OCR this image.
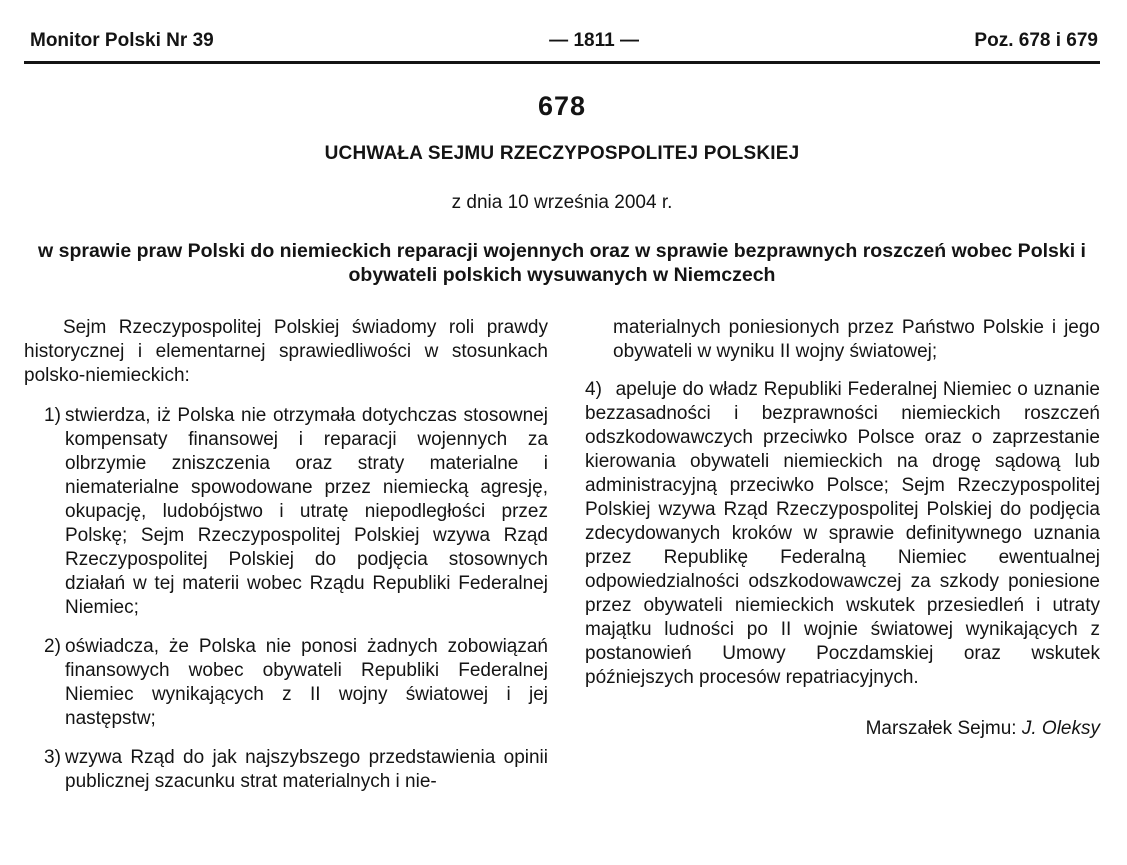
Monitor Polski Nr 39	— 1811 —	Poz. 678 i 679
678
UCHWAŁA SEJMU RZECZYPOSPOLITEJ POLSKIEJ
z dnia 10 września 2004 r.
w sprawie praw Polski do niemieckich reparacji wojennych oraz w sprawie bezprawnych roszczeń wobec Polski i obywateli polskich wysuwanych w Niemczech

Sejm Rzeczypospolitej Polskiej świadomy roli prawdy historycznej i elementarnej sprawiedliwości w stosunkach polsko-niemieckich:

1) stwierdza, iż Polska nie otrzymała dotychczas stosownej kompensaty finansowej i reparacji wojennych za olbrzymie zniszczenia oraz straty materialne i niematerialne spowodowane przez niemiecką agresję, okupację, ludobójstwo i utratę niepodległości przez Polskę; Sejm Rzeczypospolitej Polskiej wzywa Rząd Rzeczypospolitej Polskiej do podjęcia stosownych działań w tej materii wobec Rządu Republiki Federalnej Niemiec;

2) oświadcza, że Polska nie ponosi żadnych zobowiązań finansowych wobec obywateli Republiki Federalnej Niemiec wynikających z II wojny światowej i jej następstw;

3) wzywa Rząd do jak najszybszego przedstawienia opinii publicznej szacunku strat materialnych i nie-

materialnych poniesionych przez Państwo Polskie i jego obywateli w wyniku II wojny światowej;

4) apeluje do władz Republiki Federalnej Niemiec o uznanie bezzasadności i bezprawności niemieckich roszczeń odszkodowawczych przeciwko Polsce oraz o zaprzestanie kierowania obywateli niemieckich na drogę sądową lub administracyjną przeciwko Polsce; Sejm Rzeczypospolitej Polskiej wzywa Rząd Rzeczypospolitej Polskiej do podjęcia zdecydowanych kroków w sprawie definitywnego uznania przez Republikę Federalną Niemiec ewentualnej odpowiedzialności odszkodowawczej za szkody poniesione przez obywateli niemieckich wskutek przesiedleń i utraty majątku ludności po II wojnie światowej wynikających z postanowień Umowy Poczdamskiej oraz wskutek późniejszych procesów repatriacyjnych.

Marszałek Sejmu: J. Oleksy
